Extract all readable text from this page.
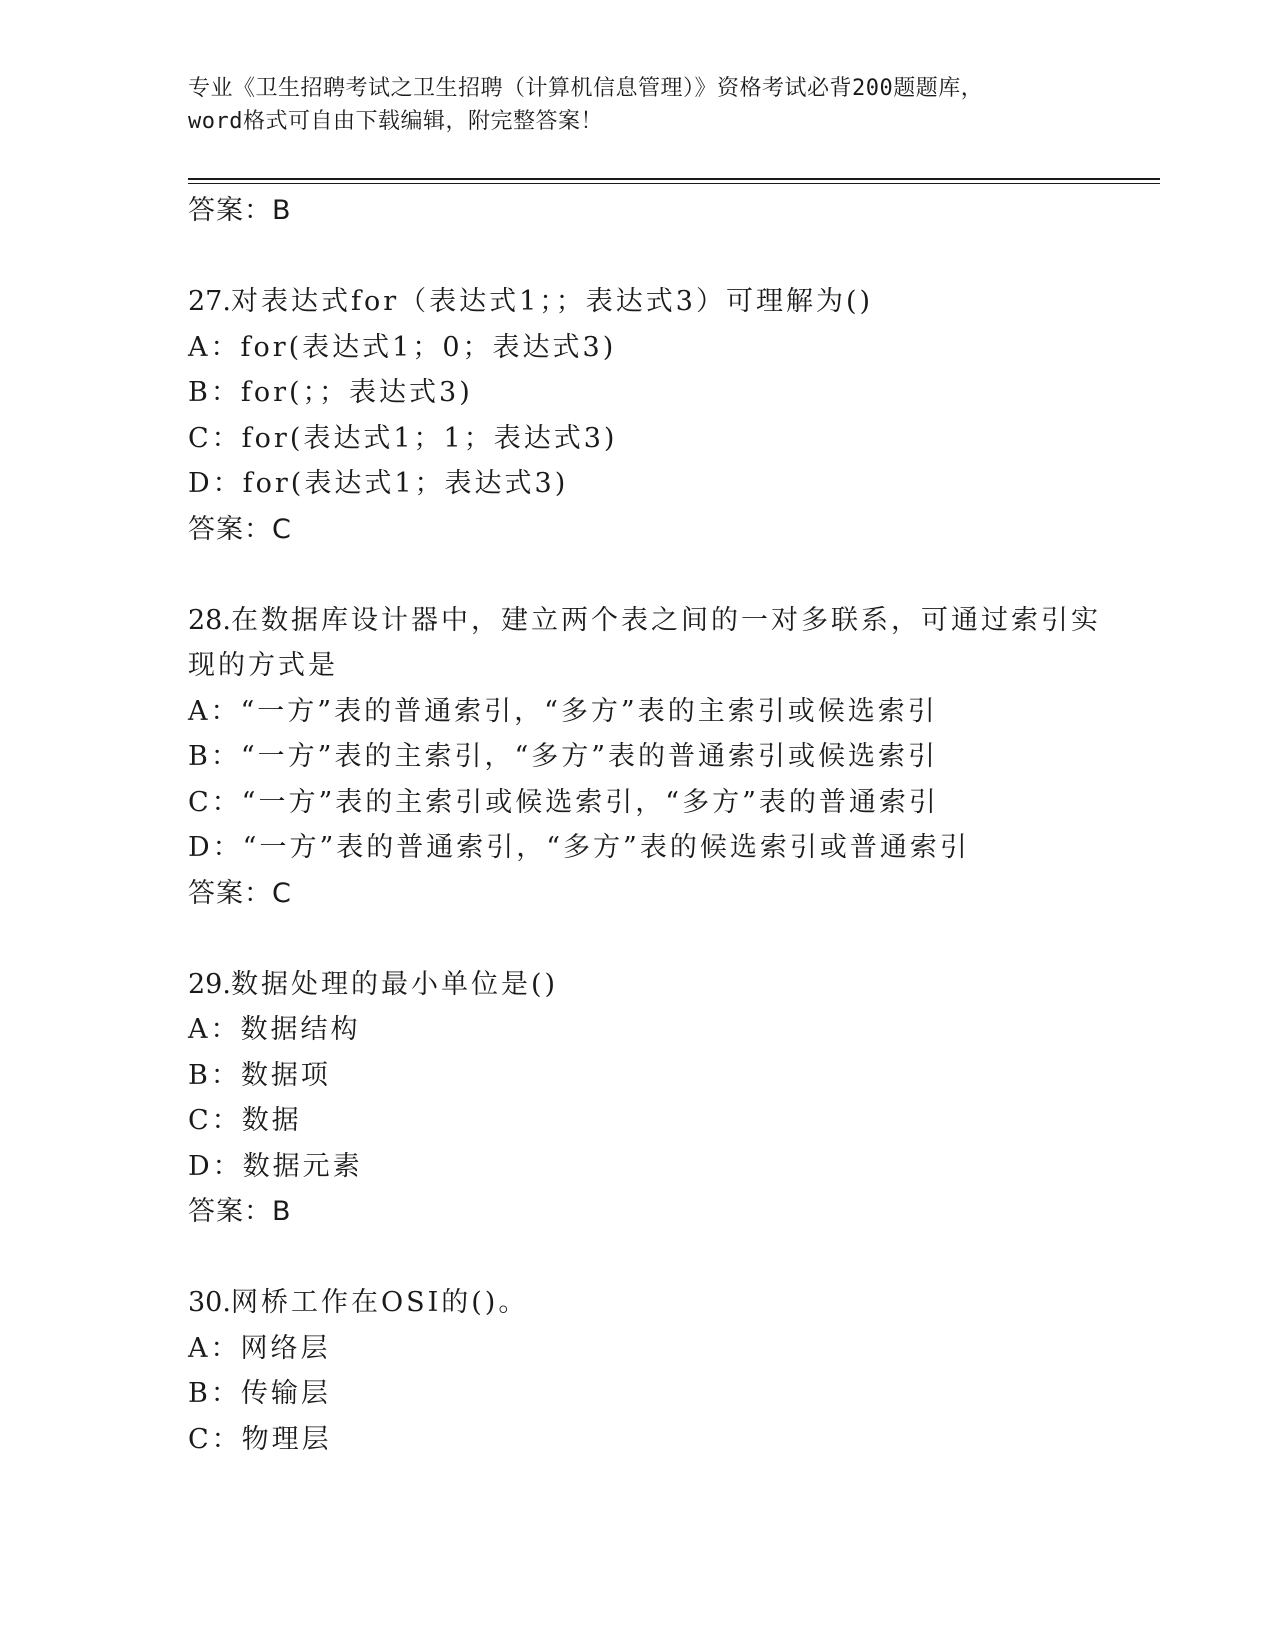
专业《卫生招聘考试之卫生招聘（计算机信息管理）》资格考试必背200题题库，
word格式可自由下载编辑，附完整答案！
答案：B
27.对表达式for（表达式1；；表达式3）可理解为()
A：for(表达式1；0；表达式3)
B：for(；；表达式3)
C：for(表达式1；1；表达式3)
D：for(表达式1；表达式3)
答案：C
28.在数据库设计器中，建立两个表之间的一对多联系，可通过索引实
现的方式是
A：“一方”表的普通索引，“多方”表的主索引或候选索引
B：“一方”表的主索引，“多方”表的普通索引或候选索引
C：“一方”表的主索引或候选索引，“多方”表的普通索引
D：“一方”表的普通索引，“多方”表的候选索引或普通索引
答案：C
29.数据处理的最小单位是()
A：数据结构
B：数据项
C：数据
D：数据元素
答案：B
30.网桥工作在OSI的()。
A：网络层
B：传输层
C：物理层
